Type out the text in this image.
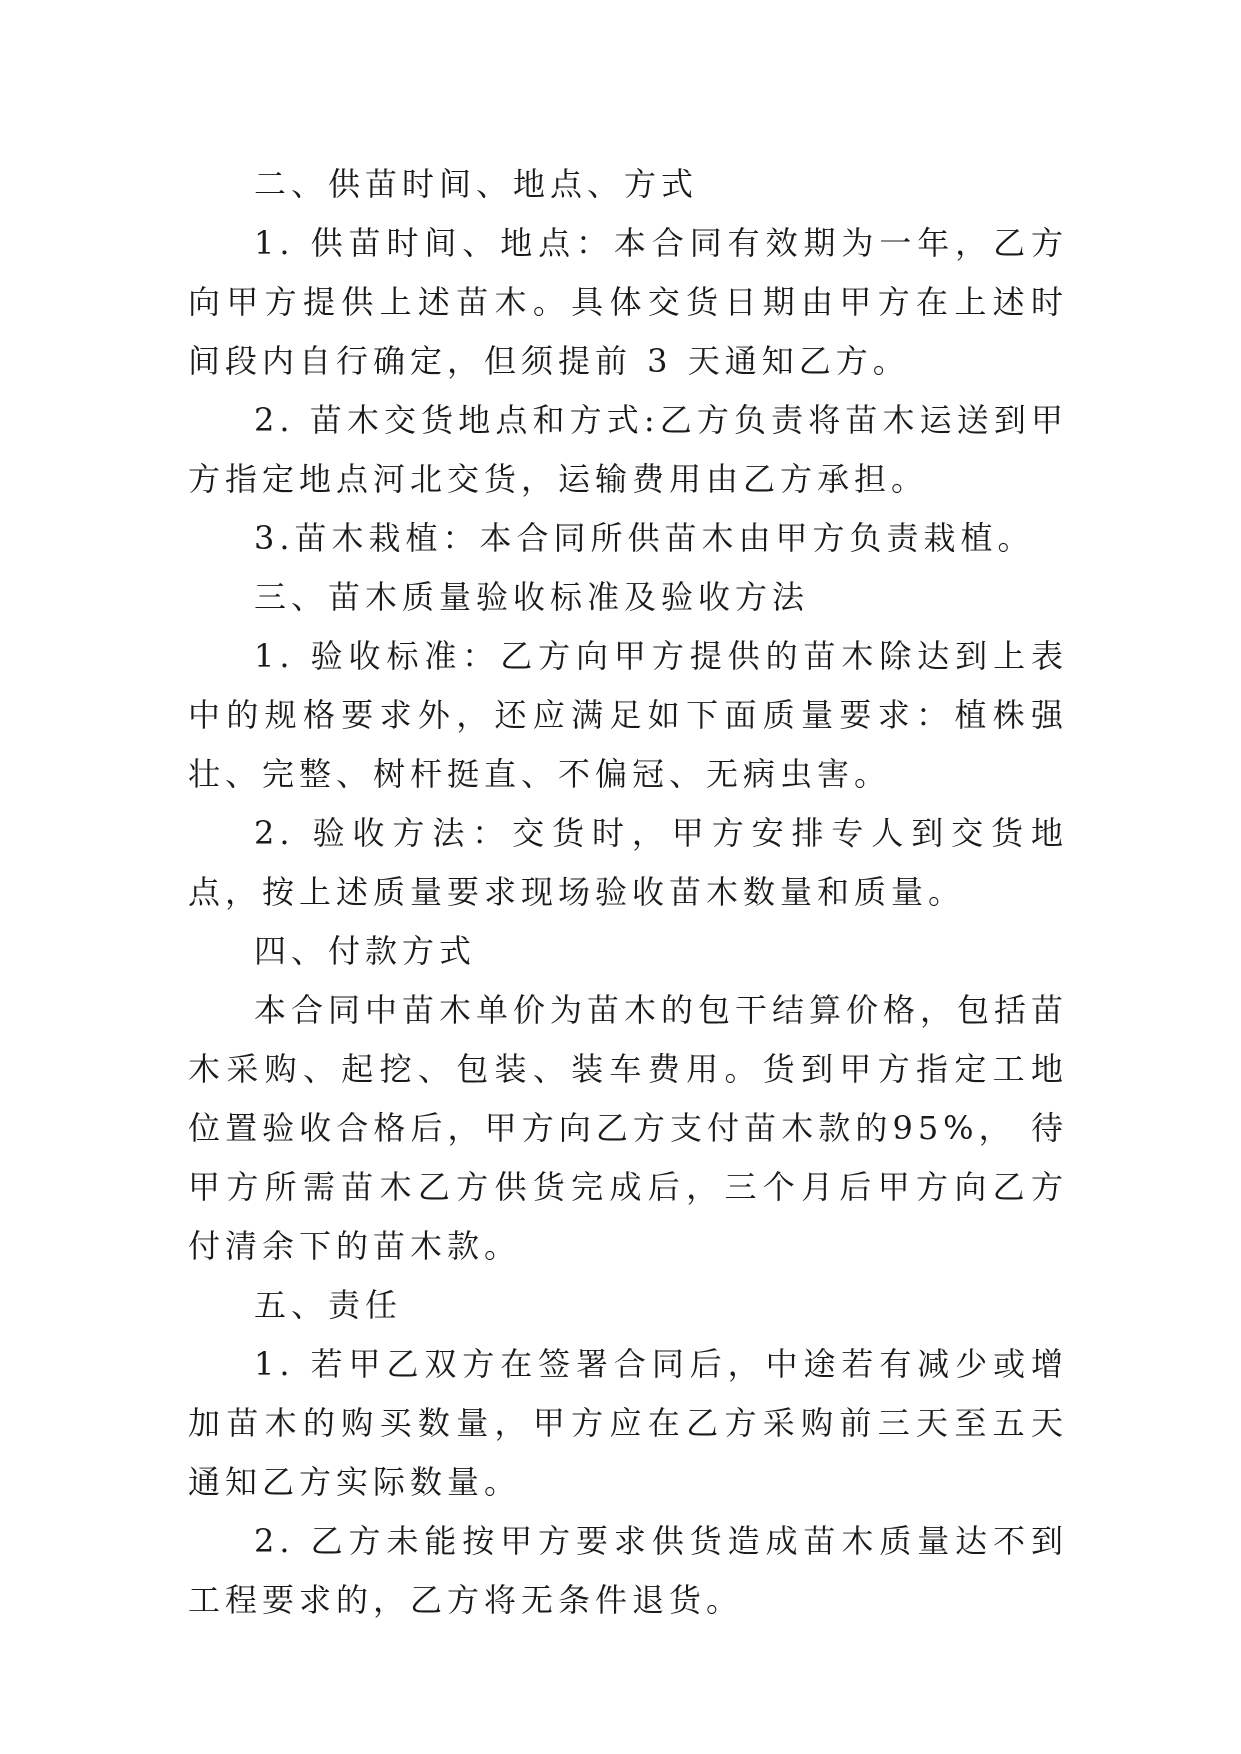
二、供苗时间、地点、方式

1. 供苗时间、地点：本合同有效期为一年，乙方向甲方提供上述苗木。具体交货日期由甲方在上述时间段内自行确定，但须提前 3 天通知乙方。

2. 苗木交货地点和方式:乙方负责将苗木运送到甲方指定地点河北交货，运输费用由乙方承担。

3.苗木栽植：本合同所供苗木由甲方负责栽植。

三、苗木质量验收标准及验收方法

1. 验收标准：乙方向甲方提供的苗木除达到上表中的规格要求外，还应满足如下面质量要求：植株强壮、完整、树杆挺直、不偏冠、无病虫害。

2. 验收方法：交货时，甲方安排专人到交货地点，按上述质量要求现场验收苗木数量和质量。

四、付款方式

本合同中苗木单价为苗木的包干结算价格，包括苗木采购、起挖、包装、装车费用。货到甲方指定工地位置验收合格后，甲方向乙方支付苗木款的95%， 待甲方所需苗木乙方供货完成后，三个月后甲方向乙方付清余下的苗木款。

五、责任

1. 若甲乙双方在签署合同后，中途若有减少或增加苗木的购买数量，甲方应在乙方采购前三天至五天通知乙方实际数量。

2. 乙方未能按甲方要求供货造成苗木质量达不到工程要求的，乙方将无条件退货。
